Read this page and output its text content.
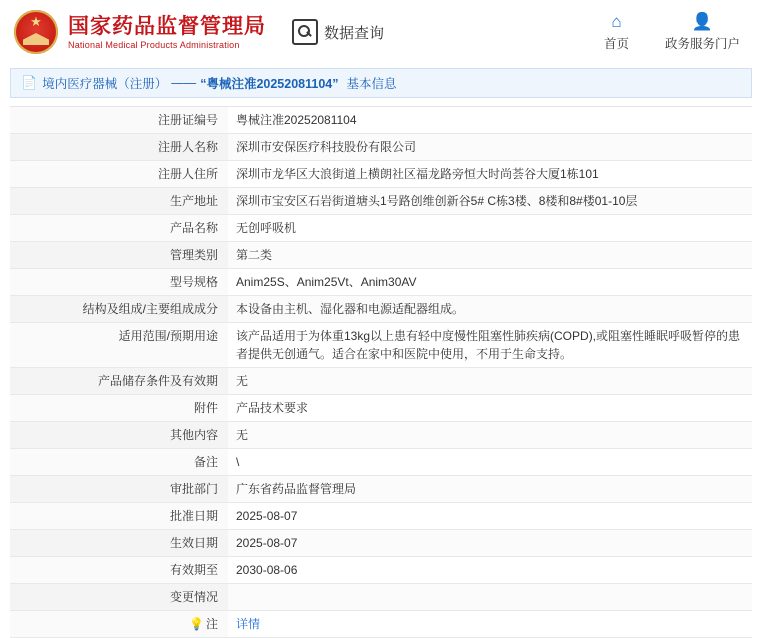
★
国家药品监督管理局
National Medical Products Administration
数据查询
⌂
首页
👤
政务服务门户
📄 境内医疗器械（注册） —— “粤械注准20252081104” 基本信息
注册证编号	粤械注准20252081104
注册人名称	深圳市安保医疗科技股份有限公司
注册人住所	深圳市龙华区大浪街道上横朗社区福龙路旁恒大时尚荟谷大厦1栋101
生产地址	深圳市宝安区石岩街道塘头1号路创维创新谷5# C栋3楼、8楼和8#楼01-10层
产品名称	无创呼吸机
管理类别	第二类
型号规格	Anim25S、Anim25Vt、Anim30AV
结构及组成/主要组成成分	本设备由主机、湿化器和电源适配器组成。
适用范围/预期用途	该产品适用于为体重13kg以上患有轻中度慢性阻塞性肺疾病(COPD),或阻塞性睡眠呼吸暂停的患者提供无创通气。适合在家中和医院中使用，不用于生命支持。
产品储存条件及有效期	无
附件	产品技术要求
其他内容	无
备注	\
审批部门	广东省药品监督管理局
批准日期	2025-08-07
生效日期	2025-08-07
有效期至	2030-08-06
变更情况	
💡 注	详情
